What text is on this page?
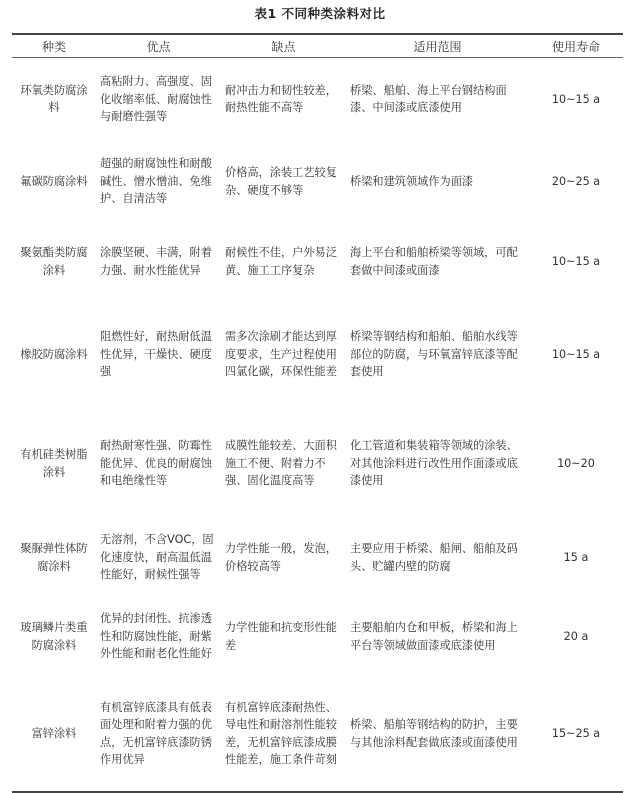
表1 不同种类涂料对比
种类	优点	缺点	适用范围	使用寿命
环氧类防腐涂料	高粘附力、高强度、固化收缩率低、耐腐蚀性与耐磨性强等	耐冲击力和韧性较差，耐热性能不高等	桥梁、船舶、海上平台钢结构面漆、中间漆或底漆使用	10~15 a
氟碳防腐涂料	超强的耐腐蚀性和耐酸碱性、憎水憎油、免维护、自清洁等	价格高，涂装工艺较复杂、硬度不够等	桥梁和建筑领域作为面漆	20~25 a
聚氨酯类防腐涂料	涂膜坚硬、丰满，附着力强、耐水性能优异	耐候性不佳，户外易泛黄、施工工序复杂	海上平台和船舶桥梁等领域，可配套做中间漆或面漆	10~15 a
橡胶防腐涂料	阻燃性好，耐热耐低温性优异，干燥快、硬度强	需多次涂刷才能达到厚度要求，生产过程使用四氯化碳，环保性能差	桥梁等钢结构和船舶、船舶水线等部位的防腐，与环氧富锌底漆等配套使用	10~15 a
有机硅类树脂涂料	耐热耐寒性强、防霉性能优异、优良的耐腐蚀和电绝缘性等	成膜性能较差、大面积施工不便、附着力不强、固化温度高等	化工管道和集装箱等领域的涂装、对其他涂料进行改性用作面漆或底漆使用	10~20
聚脲弹性体防腐涂料	无溶剂，不含VOC，固化速度快，耐高温低温性能好，耐候性强等	力学性能一般，发泡，价格较高等	主要应用于桥梁、船闸、船舶及码头、贮罐内壁的防腐	15 a
玻璃鳞片类重防腐涂料	优异的封闭性、抗渗透性和防腐蚀性能，耐紫外性能和耐老化性能好	力学性能和抗变形性能差	主要船舶内仓和甲板，桥梁和海上平台等领域做面漆或底漆使用	20 a
富锌涂料	有机富锌底漆具有低表面处理和附着力强的优点，无机富锌底漆防锈作用优异	有机富锌底漆耐热性、导电性和耐溶剂性能较差，无机富锌底漆成膜性能差，施工条件苛刻	桥梁、船舶等钢结构的防护，主要与其他涂料配套做底漆或面漆使用	15~25 a
